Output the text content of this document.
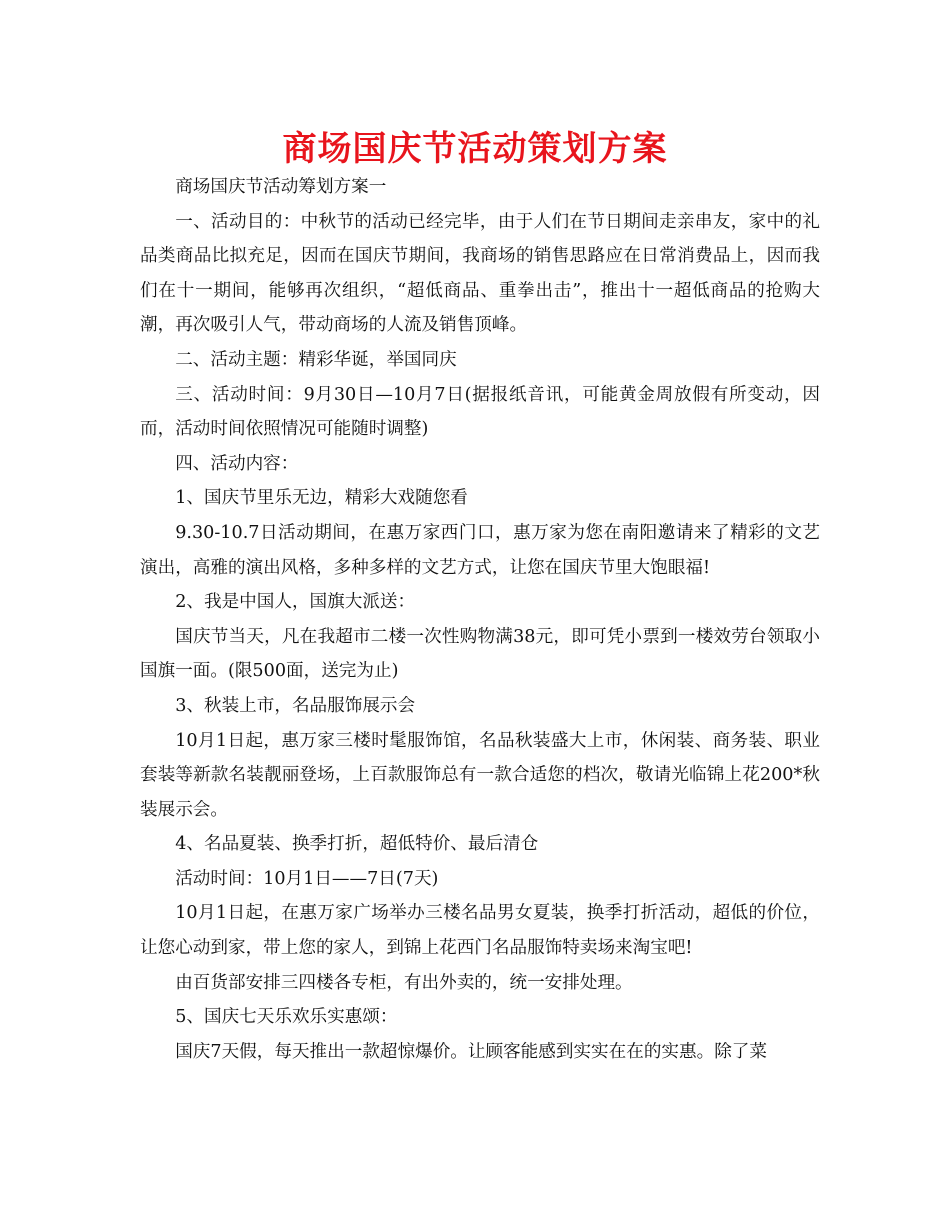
商场国庆节活动策划方案

商场国庆节活动筹划方案一

一、活动目的：中秋节的活动已经完毕，由于人们在节日期间走亲串友，家中的礼品类商品比拟充足，因而在国庆节期间，我商场的销售思路应在日常消费品上，因而我们在十一期间，能够再次组织，“超低商品、重拳出击”，推出十一超低商品的抢购大潮，再次吸引人气，带动商场的人流及销售顶峰。

二、活动主题：精彩华诞，举国同庆

三、活动时间：9月30日—10月7日(据报纸音讯，可能黄金周放假有所变动，因而，活动时间依照情况可能随时调整)

四、活动内容：

1、国庆节里乐无边，精彩大戏随您看

9.30-10.7日活动期间，在惠万家西门口，惠万家为您在南阳邀请来了精彩的文艺演出，高雅的演出风格，多种多样的文艺方式，让您在国庆节里大饱眼福!

2、我是中国人，国旗大派送：

国庆节当天，凡在我超市二楼一次性购物满38元，即可凭小票到一楼效劳台领取小国旗一面。(限500面，送完为止)

3、秋装上市，名品服饰展示会

10月1日起，惠万家三楼时髦服饰馆，名品秋装盛大上市，休闲装、商务装、职业套装等新款名装靓丽登场，上百款服饰总有一款合适您的档次，敬请光临锦上花200*秋装展示会。

4、名品夏装、换季打折，超低特价、最后清仓

活动时间：10月1日——7日(7天)

10月1日起，在惠万家广场举办三楼名品男女夏装，换季打折活动，超低的价位，让您心动到家，带上您的家人，到锦上花西门名品服饰特卖场来淘宝吧!

由百货部安排三四楼各专柜，有出外卖的，统一安排处理。

5、国庆七天乐欢乐实惠颂：

国庆7天假，每天推出一款超惊爆价。让顾客能感到实实在在的实惠。除了菜
